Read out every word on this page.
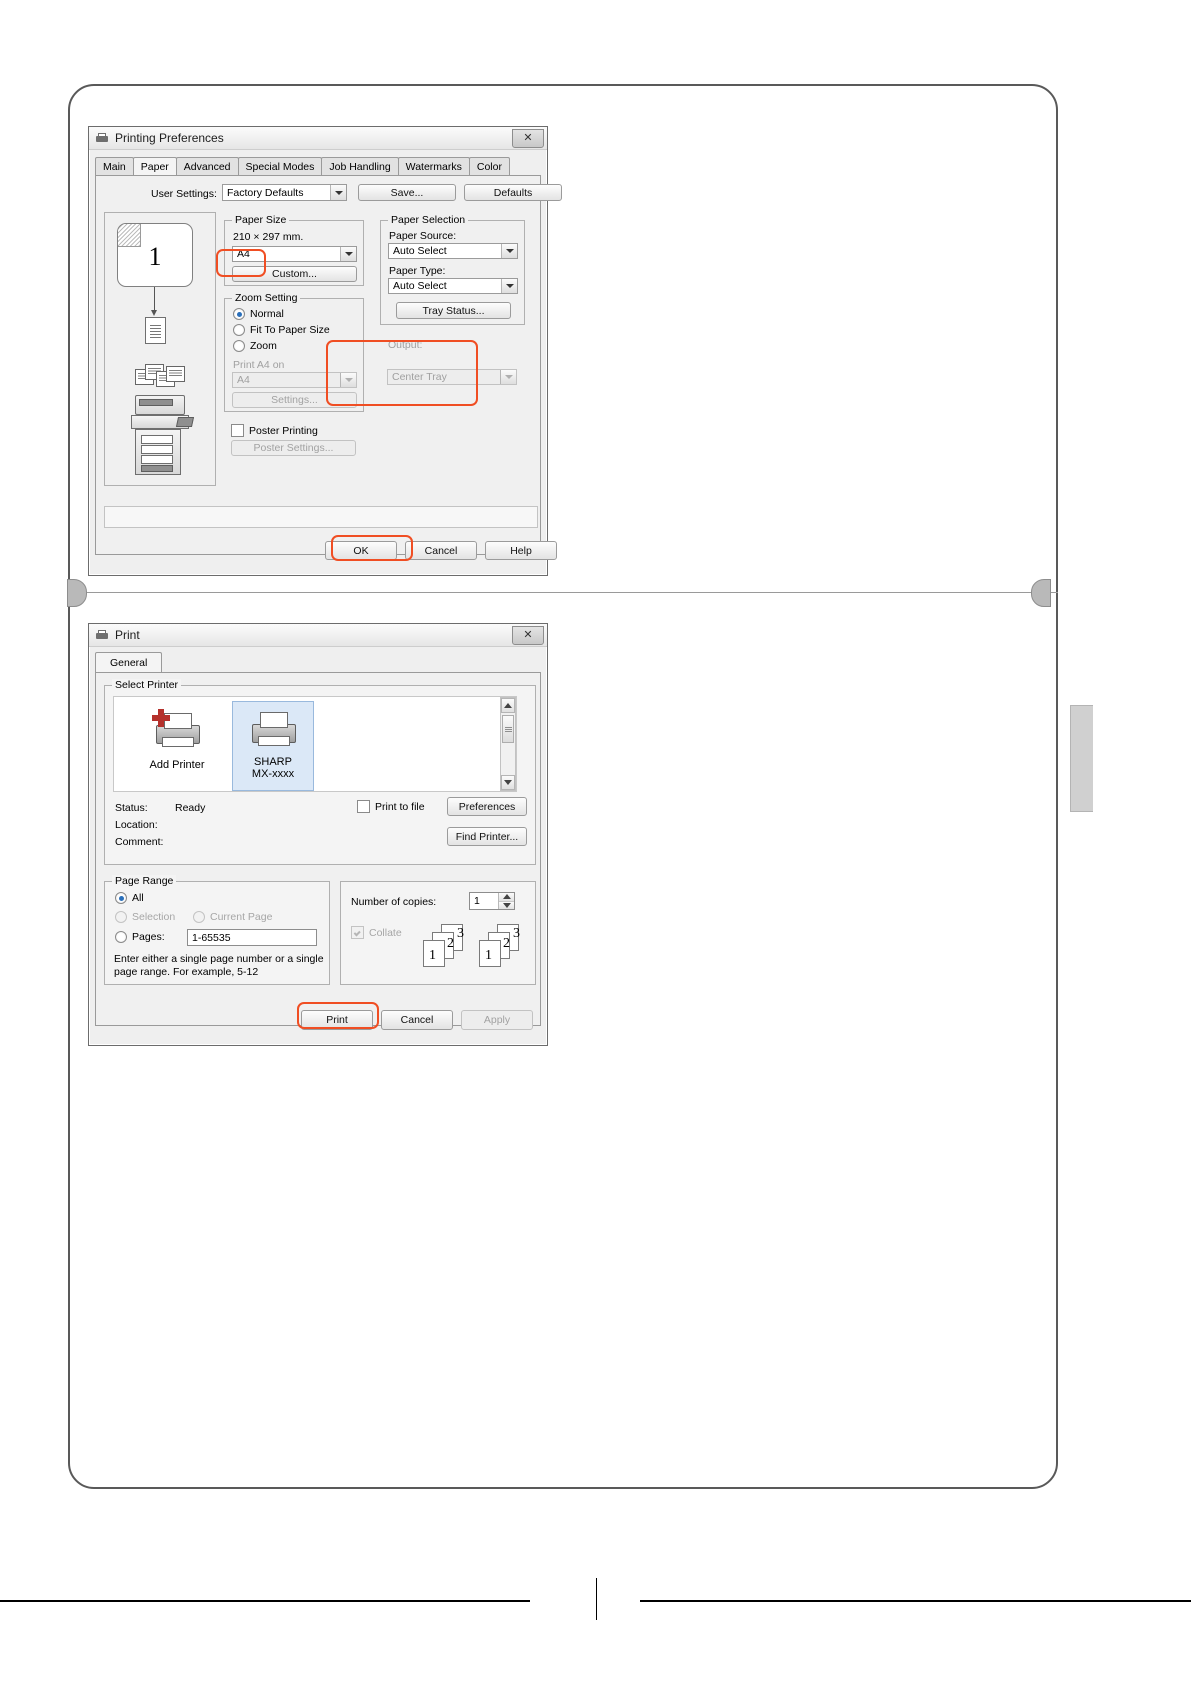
Printing Preferences	✕
Main	Paper	Advanced	Special Modes	Job Handling	Watermarks	Color
User Settings: Factory Defaults	Save...	Defaults
1
Paper Size
210 × 297 mm.
A4
Custom...
Zoom Setting
Normal
Fit To Paper Size
Zoom
Print A4 on
A4
Settings...
Poster Printing
Poster Settings...
Paper Selection
Paper Source:
Auto Select
Paper Type:
Auto Select
Tray Status...
Output:
Center Tray
OK	Cancel	Help
Print	✕
General
Select Printer
Add Printer	SHARP
MX-xxxx
Status:	Ready
Location:
Comment:
Print to file	Preferences
Find Printer...
Page Range
All
Selection	Current Page
Pages:	1-65535
Enter either a single page number or a single
page range. For example, 5-12
Number of copies:	1
Collate	3
2
1
3
2
1
Print	Cancel	Apply
